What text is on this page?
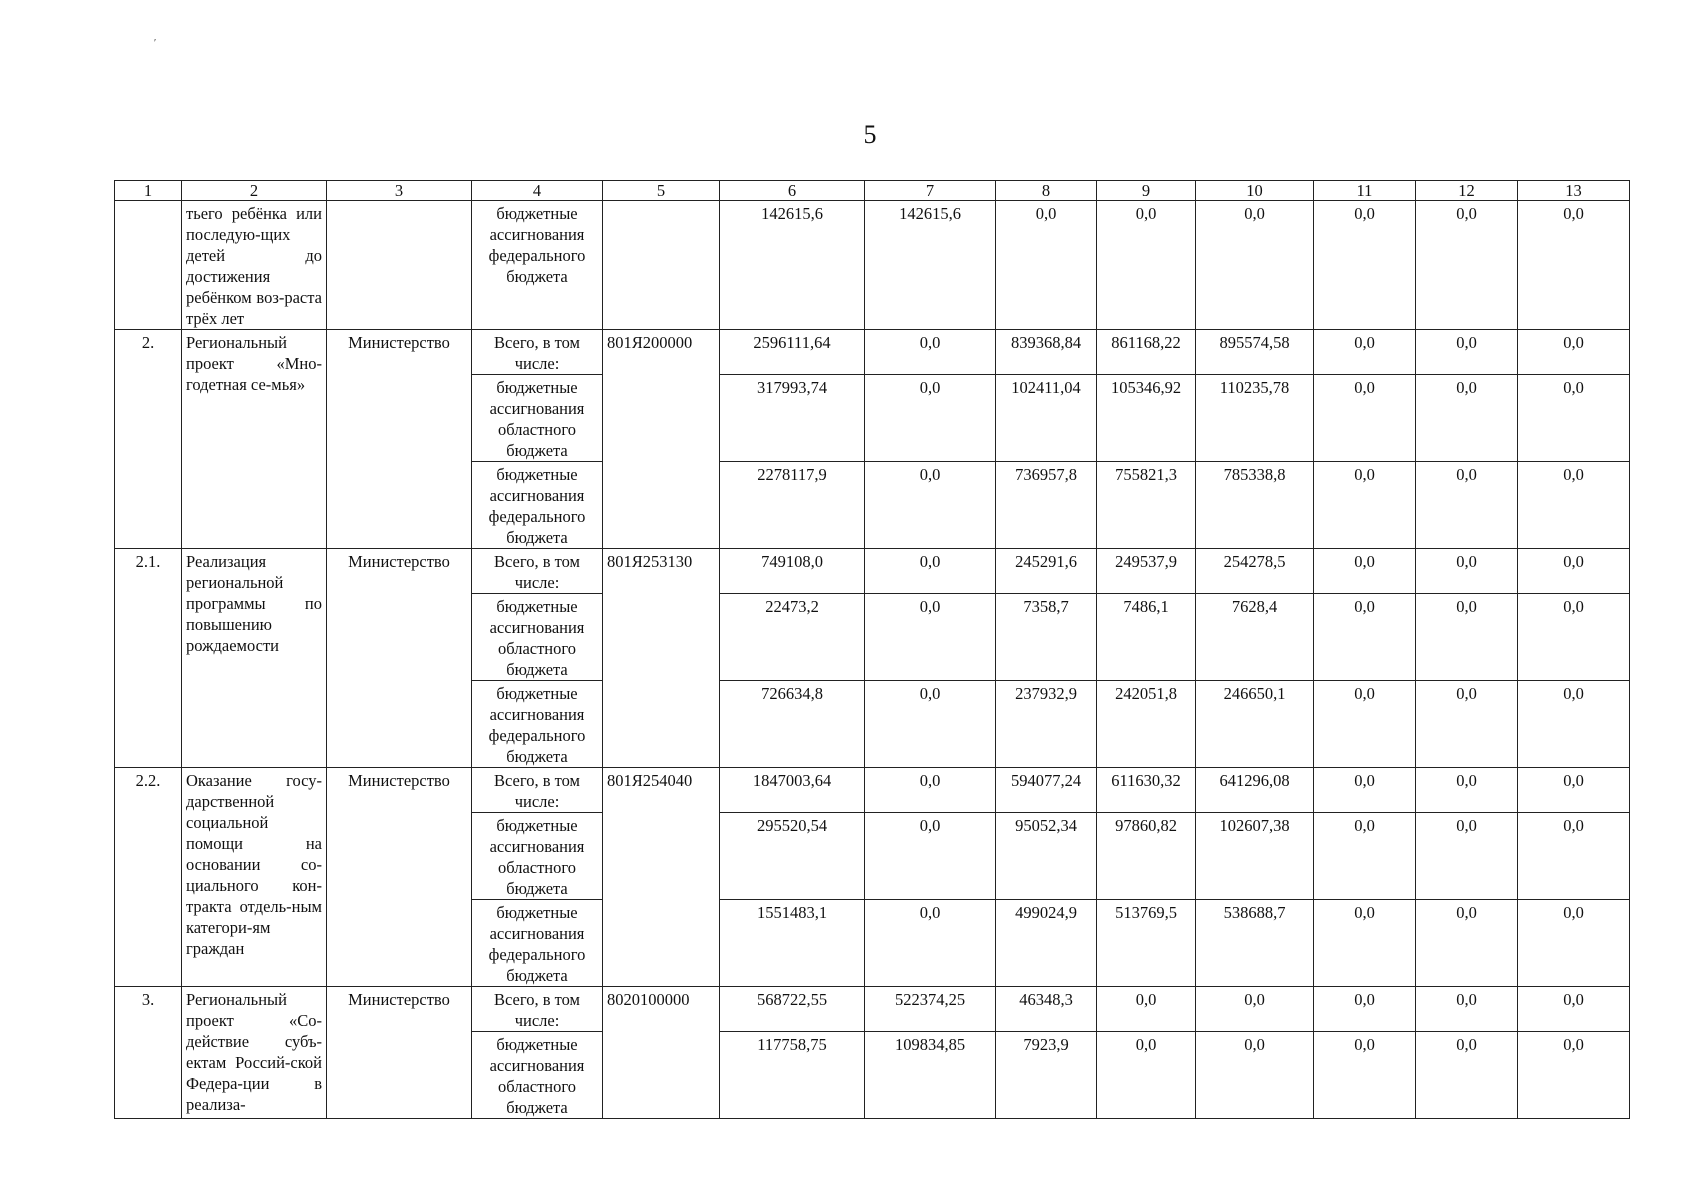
5
1	2	3	4	5	6	7	8	9	10	11	12	13
	тьего ребёнка или последую-щих детей до достижения ребёнком воз-раста трёх лет		бюджетные ассигнования федерального бюджета		142615,6	142615,6	0,0	0,0	0,0	0,0	0,0	0,0
2.	Региональный проект «Мно-годетная се-мья»	Министерство	Всего, в том числе:	801Я200000	2596111,64	0,0	839368,84	861168,22	895574,58	0,0	0,0	0,0
			бюджетные ассигнования областного бюджета		317993,74	0,0	102411,04	105346,92	110235,78	0,0	0,0	0,0
			бюджетные ассигнования федерального бюджета		2278117,9	0,0	736957,8	755821,3	785338,8	0,0	0,0	0,0
2.1.	Реализация региональной программы по повышению рождаемости	Министерство	Всего, в том числе:	801Я253130	749108,0	0,0	245291,6	249537,9	254278,5	0,0	0,0	0,0
			бюджетные ассигнования областного бюджета		22473,2	0,0	7358,7	7486,1	7628,4	0,0	0,0	0,0
			бюджетные ассигнования федерального бюджета		726634,8	0,0	237932,9	242051,8	246650,1	0,0	0,0	0,0
2.2.	Оказание госу-дарственной социальной помощи на основании со-циального кон-тракта отдель-ным категори-ям граждан	Министерство	Всего, в том числе:	801Я254040	1847003,64	0,0	594077,24	611630,32	641296,08	0,0	0,0	0,0
			бюджетные ассигнования областного бюджета		295520,54	0,0	95052,34	97860,82	102607,38	0,0	0,0	0,0
			бюджетные ассигнования федерального бюджета		1551483,1	0,0	499024,9	513769,5	538688,7	0,0	0,0	0,0
3.	Региональный проект «Со-действие субъ-ектам Россий-ской Федера-ции в реализа-	Министерство	Всего, в том числе:	8020100000	568722,55	522374,25	46348,3	0,0	0,0	0,0	0,0	0,0
			бюджетные ассигнования областного бюджета		117758,75	109834,85	7923,9	0,0	0,0	0,0	0,0	0,0
′
